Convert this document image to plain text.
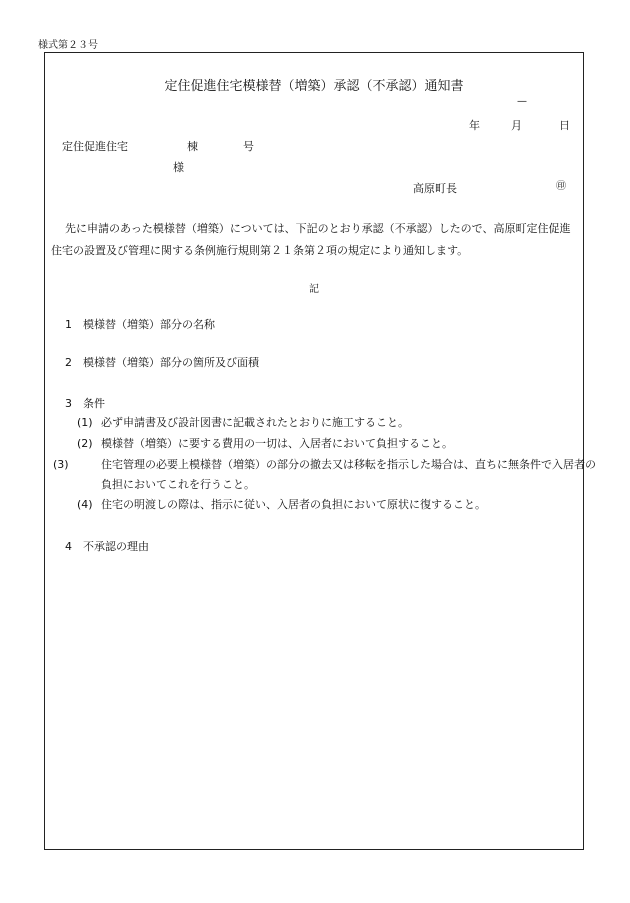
様式第２３号
定住促進住宅模様替（増築）承認（不承認）通知書
—
年	月	日
定住促進住宅	棟	号
様
高原町長	㊞
先に申請のあった模様替（増築）については、下記のとおり承認（不承認）したので、高原町定住促進住宅の設置及び管理に関する条例施行規則第２１条第２項の規定により通知します。
記
1　模様替（増築）部分の名称
2　模様替（増築）部分の箇所及び面積
3　条件
(1) 必ず申請書及び設計図書に記載されたとおりに施工すること。
(2) 模様替（増築）に要する費用の一切は、入居者において負担すること。
(3)	住宅管理の必要上模様替（増築）の部分の撤去又は移転を指示した場合は、直ちに無条件で入居者の負担においてこれを行うこと。
(4) 住宅の明渡しの際は、指示に従い、入居者の負担において原状に復すること。
4　不承認の理由
